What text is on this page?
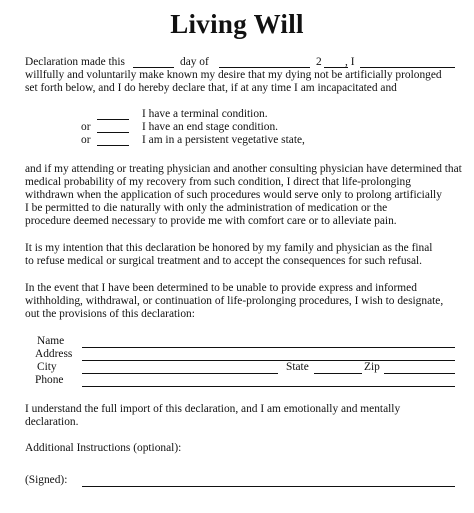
Living Will
Declaration made this	day of	2 , I
willfully and voluntarily make known my desire that my dying not be artificially prolonged
set forth below, and I do hereby declare that, if at any time I am incapacitated and
I have a terminal condition.
or	I have an end stage condition.
or	I am in a persistent vegetative state,
and if my attending or treating physician and another consulting physician have determined that
medical probability of my recovery from such condition, I direct that life-prolonging
withdrawn when the application of such procedures would serve only to prolong artificially
I be permitted to die naturally with only the administration of medication or the
procedure deemed necessary to provide me with comfort care or to alleviate pain.
It is my intention that this declaration be honored by my family and physician as the final
to refuse medical or surgical treatment and to accept the consequences for such refusal.
In the event that I have been determined to be unable to provide express and informed
withholding, withdrawal, or continuation of life-prolonging procedures, I wish to designate,
out the provisions of this declaration:
Name
Address
City	State	Zip
Phone
I understand the full import of this declaration, and I am emotionally and mentally
declaration.
Additional Instructions (optional):
(Signed):
